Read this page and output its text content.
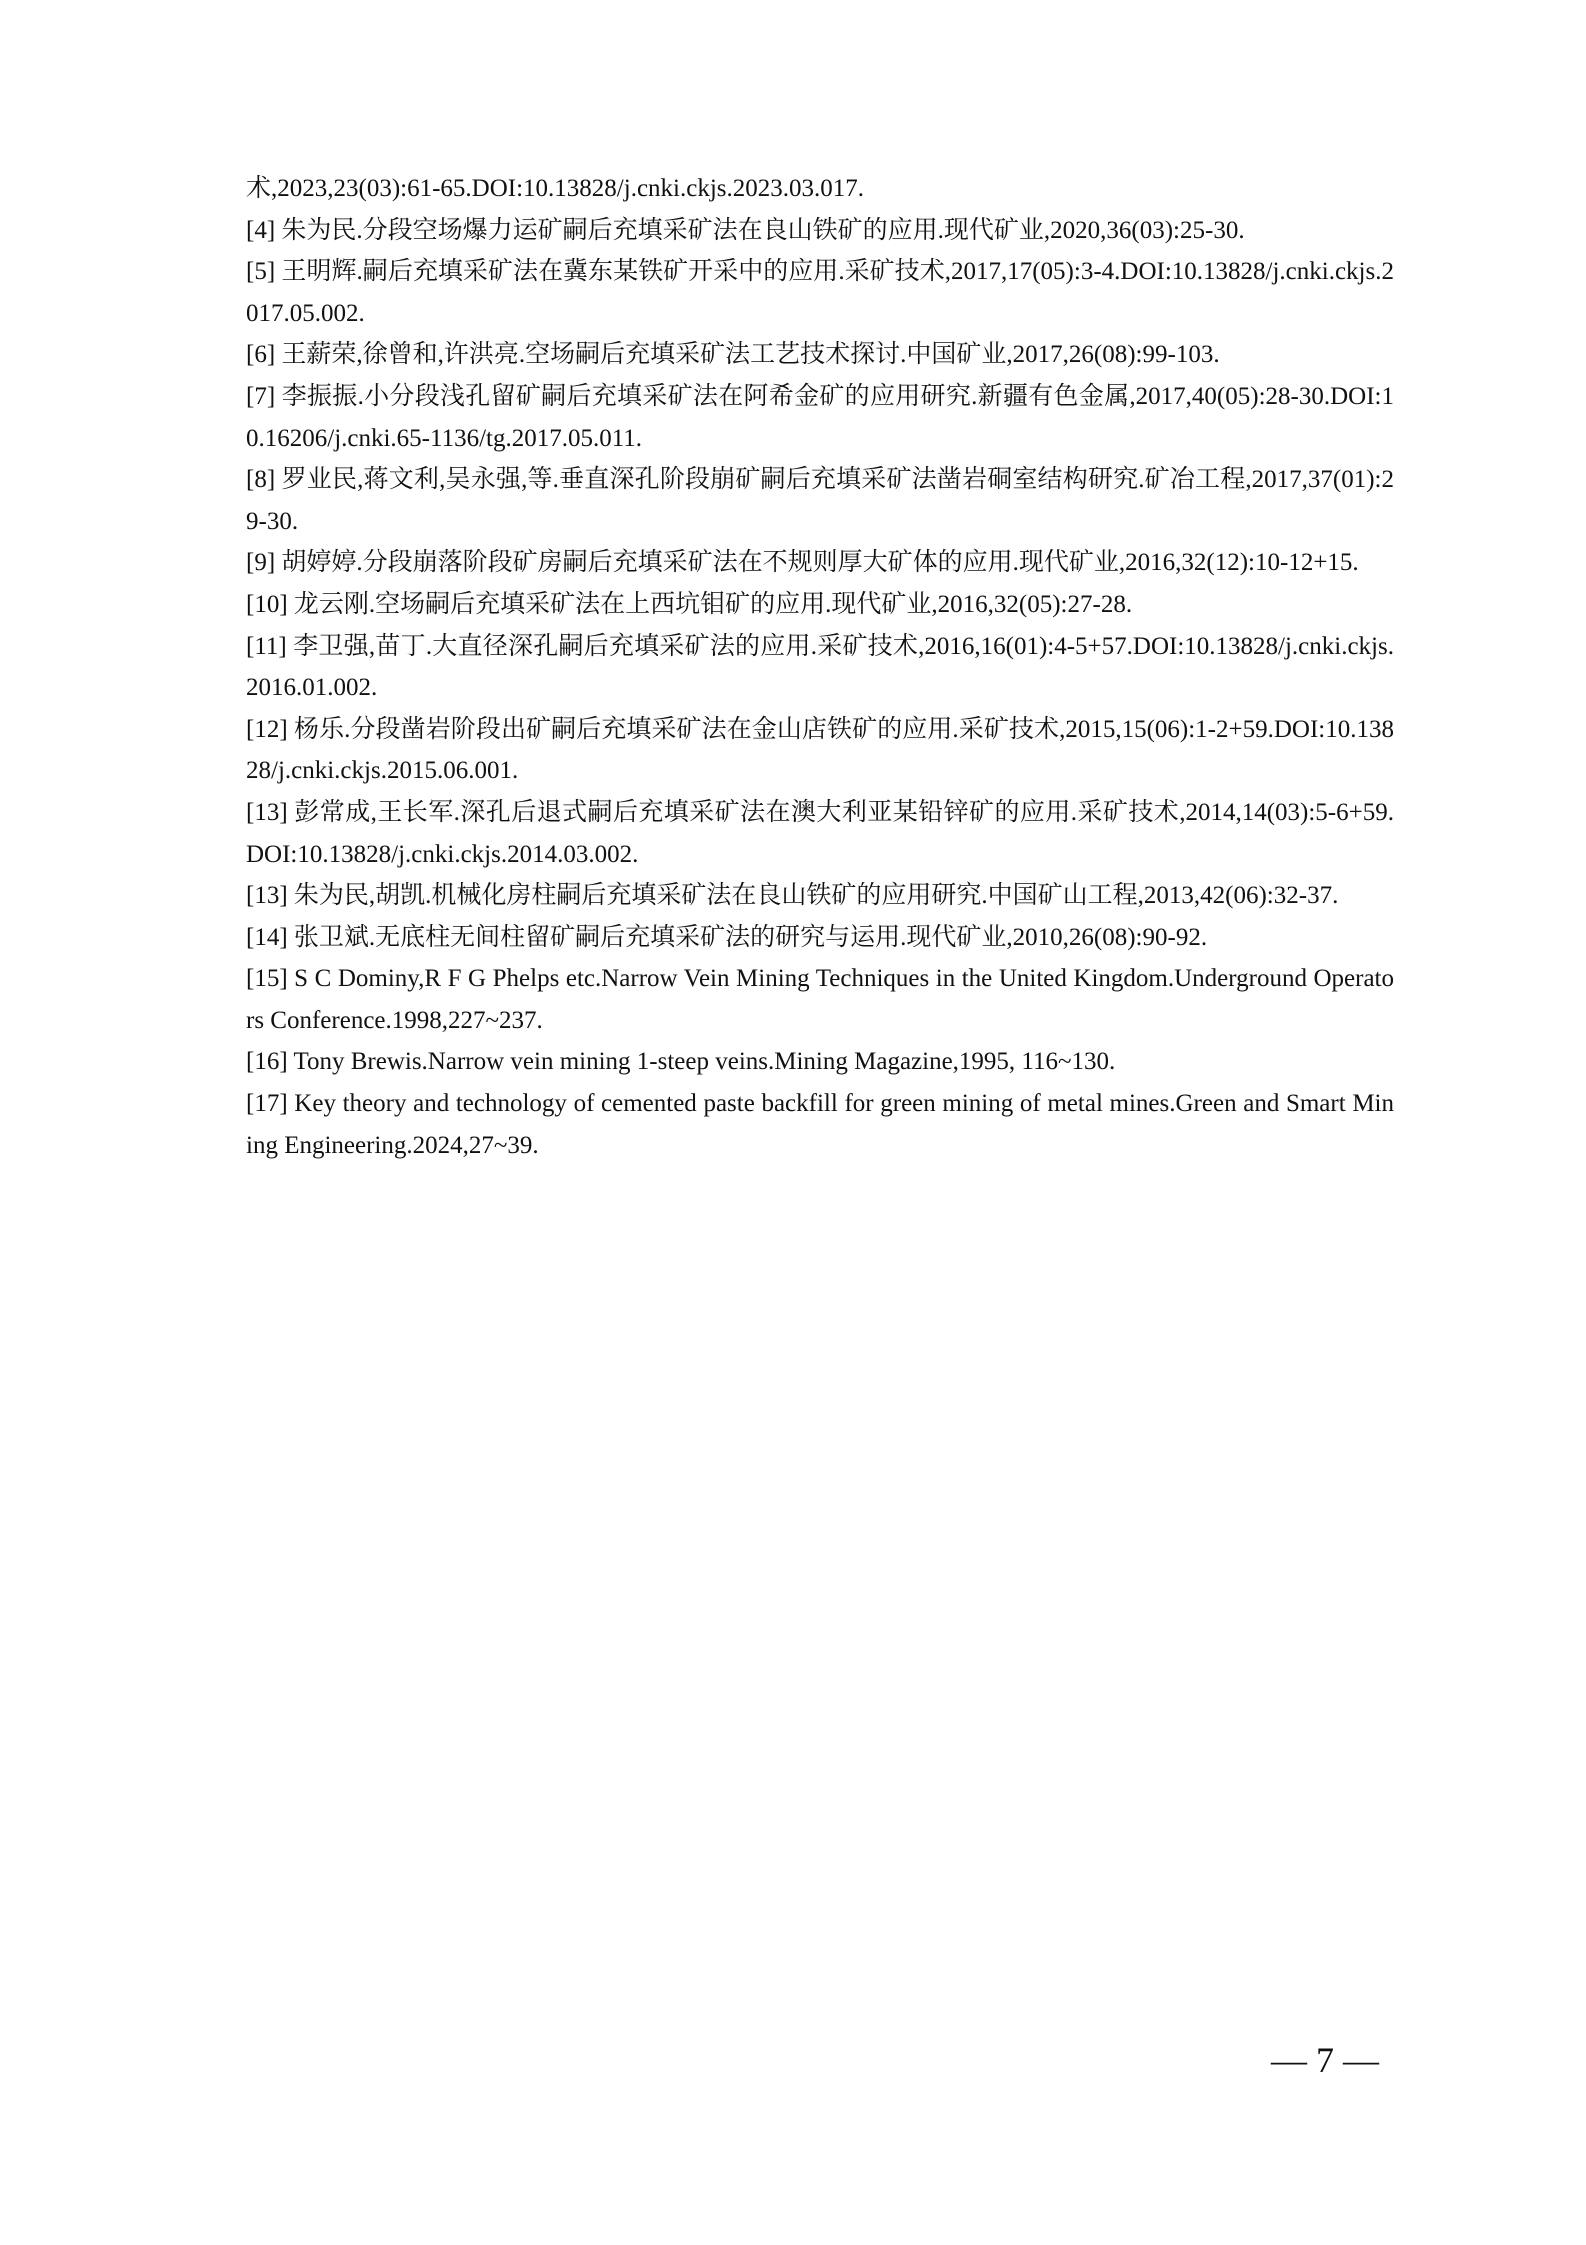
术,2023,23(03):61-65.DOI:10.13828/j.cnki.ckjs.2023.03.017.
[4] 朱为民.分段空场爆力运矿嗣后充填采矿法在良山铁矿的应用.现代矿业,2020,36(03):25-30.
[5] 王明辉.嗣后充填采矿法在冀东某铁矿开采中的应用.采矿技术,2017,17(05):3-4.DOI:10.13828/j.cnki.ckjs.2017.05.002.
[6] 王薪荣,徐曾和,许洪亮.空场嗣后充填采矿法工艺技术探讨.中国矿业,2017,26(08):99-103.
[7] 李振振.小分段浅孔留矿嗣后充填采矿法在阿希金矿的应用研究.新疆有色金属,2017,40(05):28-30.DOI:10.16206/j.cnki.65-1136/tg.2017.05.011.
[8] 罗业民,蒋文利,吴永强,等.垂直深孔阶段崩矿嗣后充填采矿法凿岩硐室结构研究.矿冶工程,2017,37(01):29-30.
[9] 胡婷婷.分段崩落阶段矿房嗣后充填采矿法在不规则厚大矿体的应用.现代矿业,2016,32(12):10-12+15.
[10] 龙云刚.空场嗣后充填采矿法在上西坑钼矿的应用.现代矿业,2016,32(05):27-28.
[11] 李卫强,苗丁.大直径深孔嗣后充填采矿法的应用.采矿技术,2016,16(01):4-5+57.DOI:10.13828/j.cnki.ckjs.2016.01.002.
[12] 杨乐.分段凿岩阶段出矿嗣后充填采矿法在金山店铁矿的应用.采矿技术,2015,15(06):1-2+59.DOI:10.13828/j.cnki.ckjs.2015.06.001.
[13] 彭常成,王长军.深孔后退式嗣后充填采矿法在澳大利亚某铅锌矿的应用.采矿技术,2014,14(03):5-6+59.DOI:10.13828/j.cnki.ckjs.2014.03.002.
[13] 朱为民,胡凯.机械化房柱嗣后充填采矿法在良山铁矿的应用研究.中国矿山工程,2013,42(06):32-37.
[14] 张卫斌.无底柱无间柱留矿嗣后充填采矿法的研究与运用.现代矿业,2010,26(08):90-92.
[15] S C Dominy,R F G Phelps etc.Narrow Vein Mining Techniques in the United Kingdom.Underground Operators Conference.1998,227~237.
[16] Tony Brewis.Narrow vein mining 1-steep veins.Mining Magazine,1995, 116~130.
[17] Key theory and technology of cemented paste backfill for green mining of metal mines.Green and Smart Mining Engineering.2024,27~39.
— 7 —
